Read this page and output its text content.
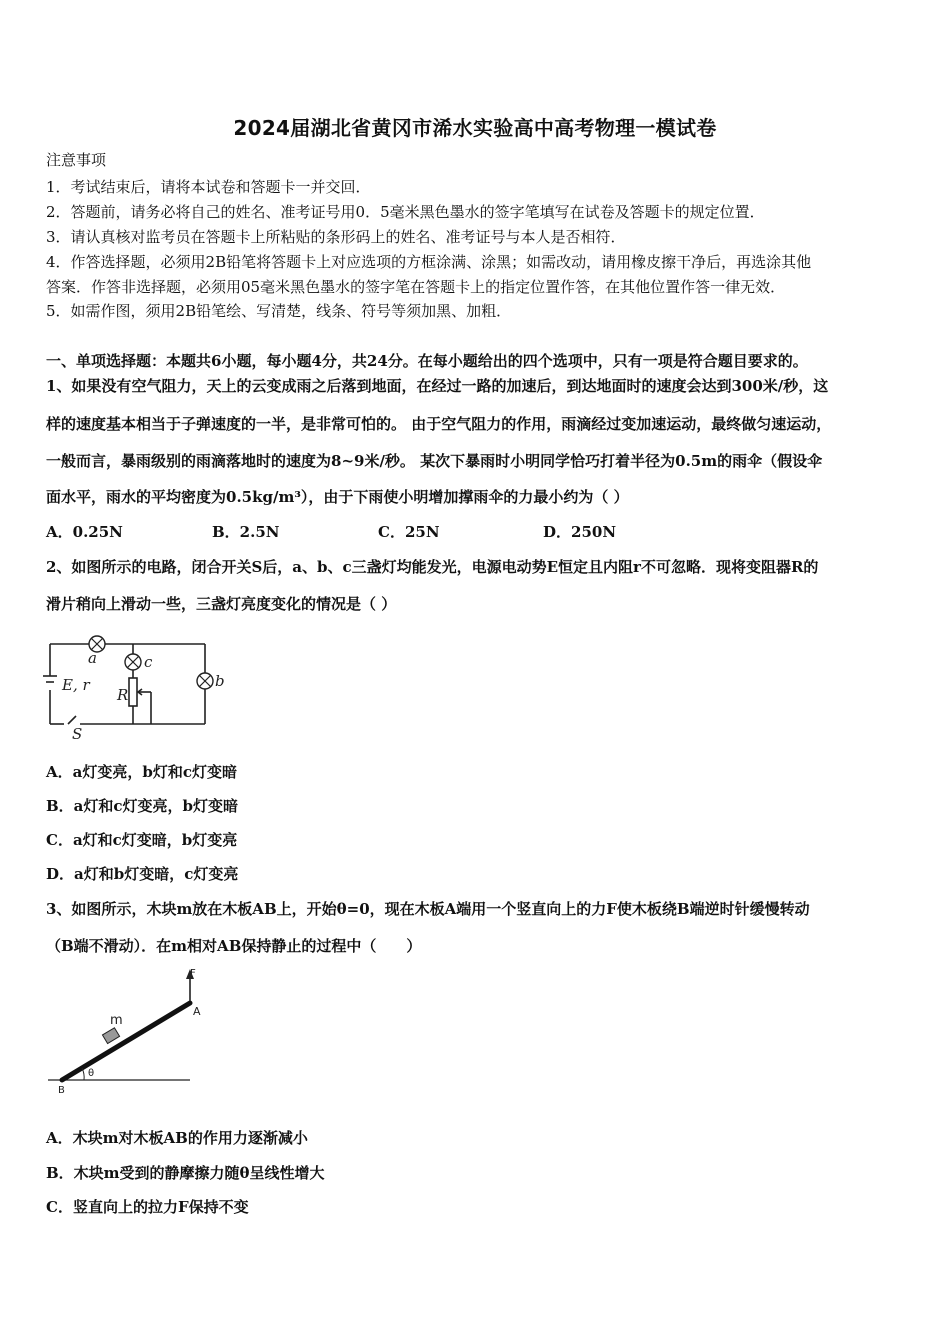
2024届湖北省黄冈市浠水实验高中高考物理一模试卷
注意事项
1．考试结束后，请将本试卷和答题卡一并交回．
2．答题前，请务必将自己的姓名、准考证号用0．5毫米黑色墨水的签字笔填写在试卷及答题卡的规定位置．
3．请认真核对监考员在答题卡上所粘贴的条形码上的姓名、准考证号与本人是否相符．
4．作答选择题，必须用2B铅笔将答题卡上对应选项的方框涂满、涂黑；如需改动，请用橡皮擦干净后，再选涂其他
答案．作答非选择题，必须用05毫米黑色墨水的签字笔在答题卡上的指定位置作答，在其他位置作答一律无效．
5．如需作图，须用2B铅笔绘、写清楚，线条、符号等须加黑、加粗．
一、单项选择题：本题共6小题，每小题4分，共24分。在每小题给出的四个选项中，只有一项是符合题目要求的。
1、如果没有空气阻力，天上的云变成雨之后落到地面，在经过一路的加速后，到达地面时的速度会达到300米/秒，这
样的速度基本相当于子弹速度的一半，是非常可怕的。 由于空气阻力的作用，雨滴经过变加速运动，最终做匀速运动，
一般而言，暴雨级别的雨滴落地时的速度为8~9米/秒。 某次下暴雨时小明同学恰巧打着半径为0.5m的雨伞（假设伞
面水平，雨水的平均密度为0.5kg/m³），由于下雨使小明增加撑雨伞的力最小约为（ ）
A．0.25N	B．2.5N	C．25N	D．250N
2、如图所示的电路，闭合开关S后，a、b、c三盏灯均能发光，电源电动势E恒定且内阻r不可忽略．现将变阻器R的
滑片稍向上滑动一些，三盏灯亮度变化的情况是（ ）
a	c
b
E, r
R
S
A．a灯变亮，b灯和c灯变暗
B．a灯和c灯变亮，b灯变暗
C．a灯和c灯变暗，b灯变亮
D．a灯和b灯变暗，c灯变亮
3、如图所示，木块m放在木板AB上，开始θ=0，现在木板A端用一个竖直向上的力F使木板绕B端逆时针缓慢转动
（B端不滑动）．在m相对AB保持静止的过程中（　　）
F
A
B
m
θ
A．木块m对木板AB的作用力逐渐减小
B．木块m受到的静摩擦力随θ呈线性增大
C．竖直向上的拉力F保持不变
